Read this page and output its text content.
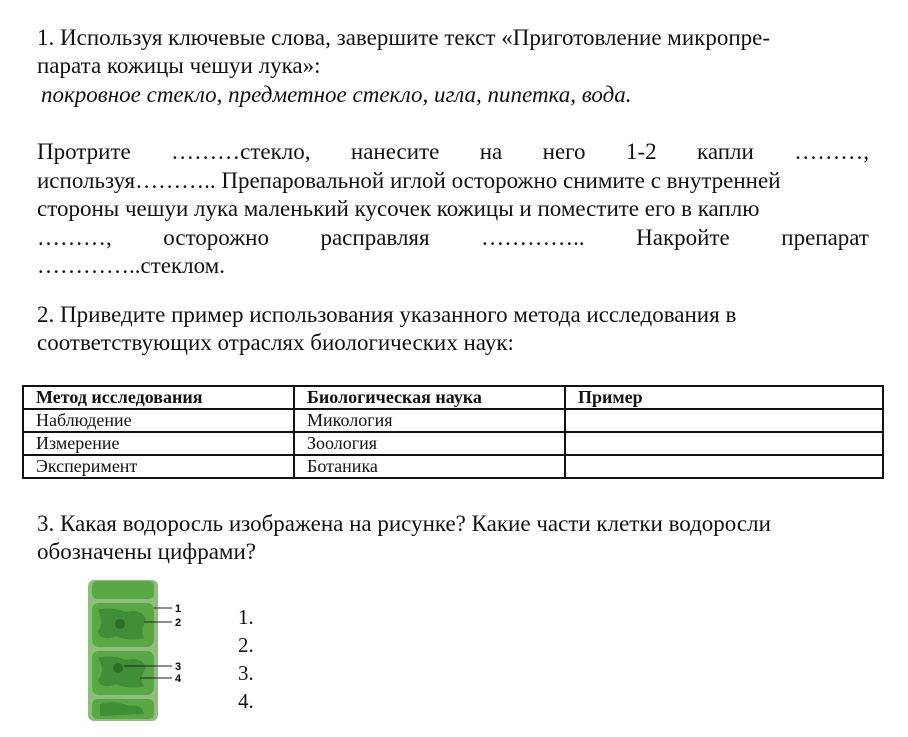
1. Используя ключевые слова, завершите текст «Приготовление микропре-
парата кожицы чешуи лука»:
покровное стекло, предметное стекло, игла, пипетка, вода.
Протрите ………стекло, нанесите на него 1-2 капли ………,
используя……….. Препаровальной иглой осторожно снимите с внутренней
стороны чешуи лука маленький кусочек кожицы и поместите его в каплю
………, осторожно расправляя ………….. Накройте препарат
…………..стеклом.
2. Приведите пример использования указанного метода исследования в
соответствующих отраслях биологических наук:
Метод исследования	Биологическая наука	Пример
Наблюдение	Микология	
Измерение	Зоология	
Эксперимент	Ботаника	
3. Какая водоросль изображена на рисунке? Какие части клетки водоросли
обозначены цифрами?
1
2
3
4
1.
2.
3.
4.
